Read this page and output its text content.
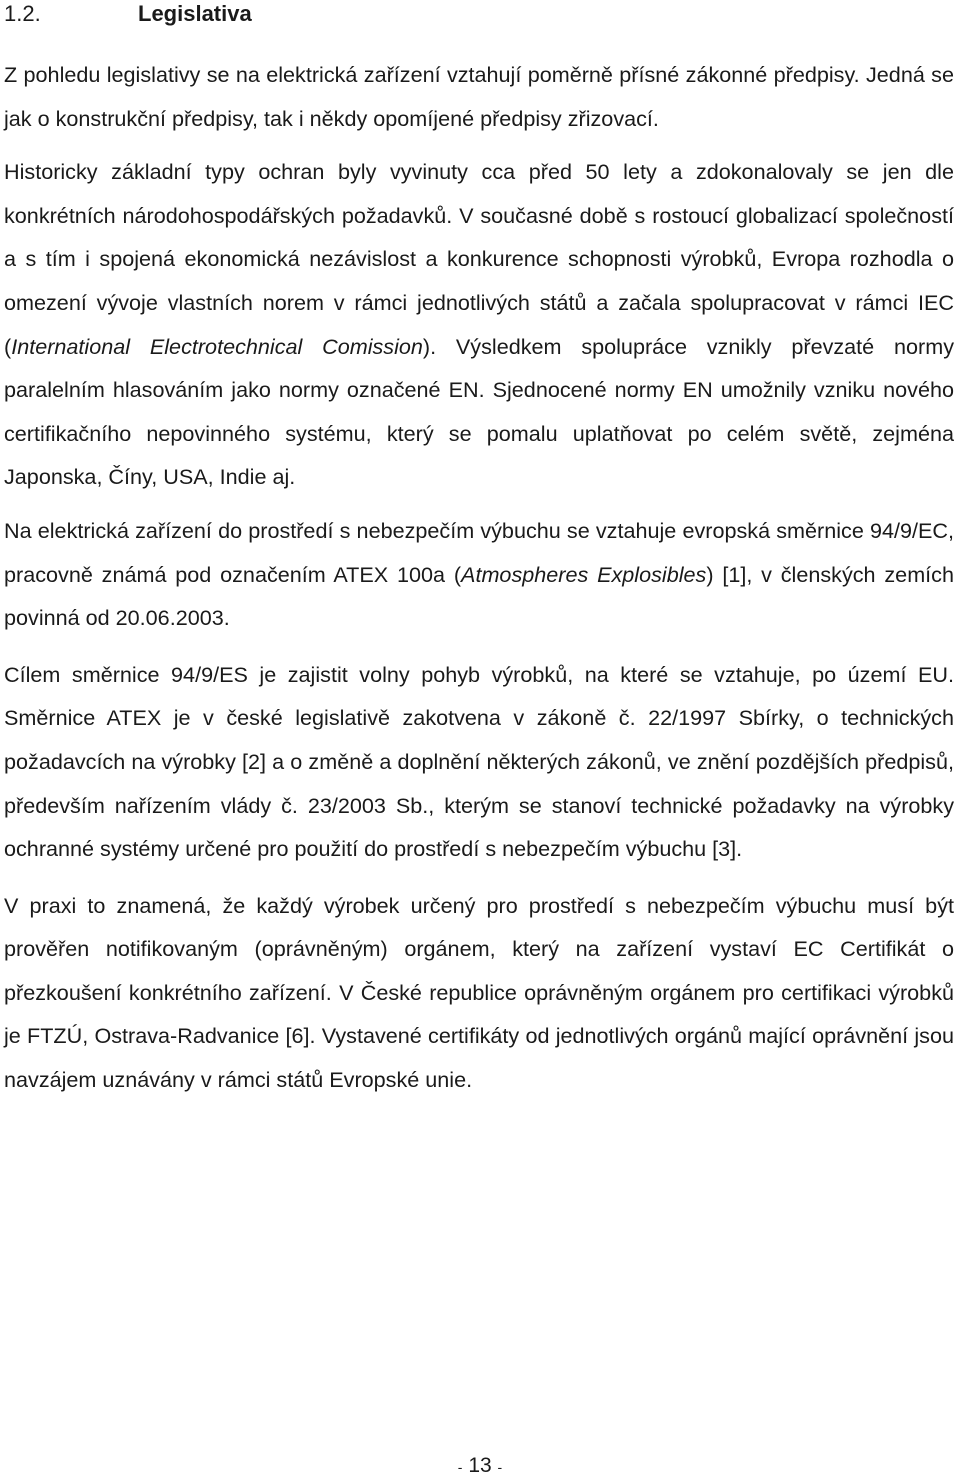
1.2.	Legislativa

Z pohledu legislativy se na elektrická zařízení vztahují poměrně přísné zákonné předpisy. Jedná se jak o konstrukční předpisy, tak i někdy opomíjené předpisy zřizovací.

Historicky základní typy ochran byly vyvinuty cca před 50 lety a zdokonalovaly se jen dle konkrétních národohospodářských požadavků. V současné době s rostoucí globalizací společností a s tím i spojená ekonomická nezávislost a konkurence schopnosti výrobků, Evropa rozhodla o omezení vývoje vlastních norem v rámci jednotlivých států a začala spolupracovat v rámci IEC (International Electrotechnical Comission). Výsledkem spolupráce vznikly převzaté normy paralelním hlasováním jako normy označené EN. Sjednocené normy EN umožnily vzniku nového certifikačního nepovinného systému, který se pomalu uplatňovat po celém světě, zejména Japonska, Číny, USA, Indie aj.

Na elektrická zařízení do prostředí s nebezpečím výbuchu se vztahuje evropská směrnice 94/9/EC, pracovně známá pod označením ATEX 100a (Atmospheres Explosibles) [1], v členských zemích povinná od 20.06.2003.

Cílem směrnice 94/9/ES je zajistit volny pohyb výrobků, na které se vztahuje, po území EU. Směrnice ATEX je v české legislativě zakotvena v zákoně č. 22/1997 Sbírky, o technických požadavcích na výrobky [2] a o změně a doplnění některých zákonů, ve znění pozdějších předpisů, především nařízením vlády č. 23/2003 Sb., kterým se stanoví technické požadavky na výrobky ochranné systémy určené pro použití do prostředí s nebezpečím výbuchu [3].

V praxi to znamená, že každý výrobek určený pro prostředí s nebezpečím výbuchu musí být prověřen notifikovaným (oprávněným) orgánem, který na zařízení vystaví EC Certifikát o přezkoušení konkrétního zařízení. V České republice oprávněným orgánem pro certifikaci výrobků je FTZÚ, Ostrava-Radvanice [6]. Vystavené certifikáty od jednotlivých orgánů mající oprávnění jsou navzájem uznávány v rámci států Evropské unie.

- 13 -
